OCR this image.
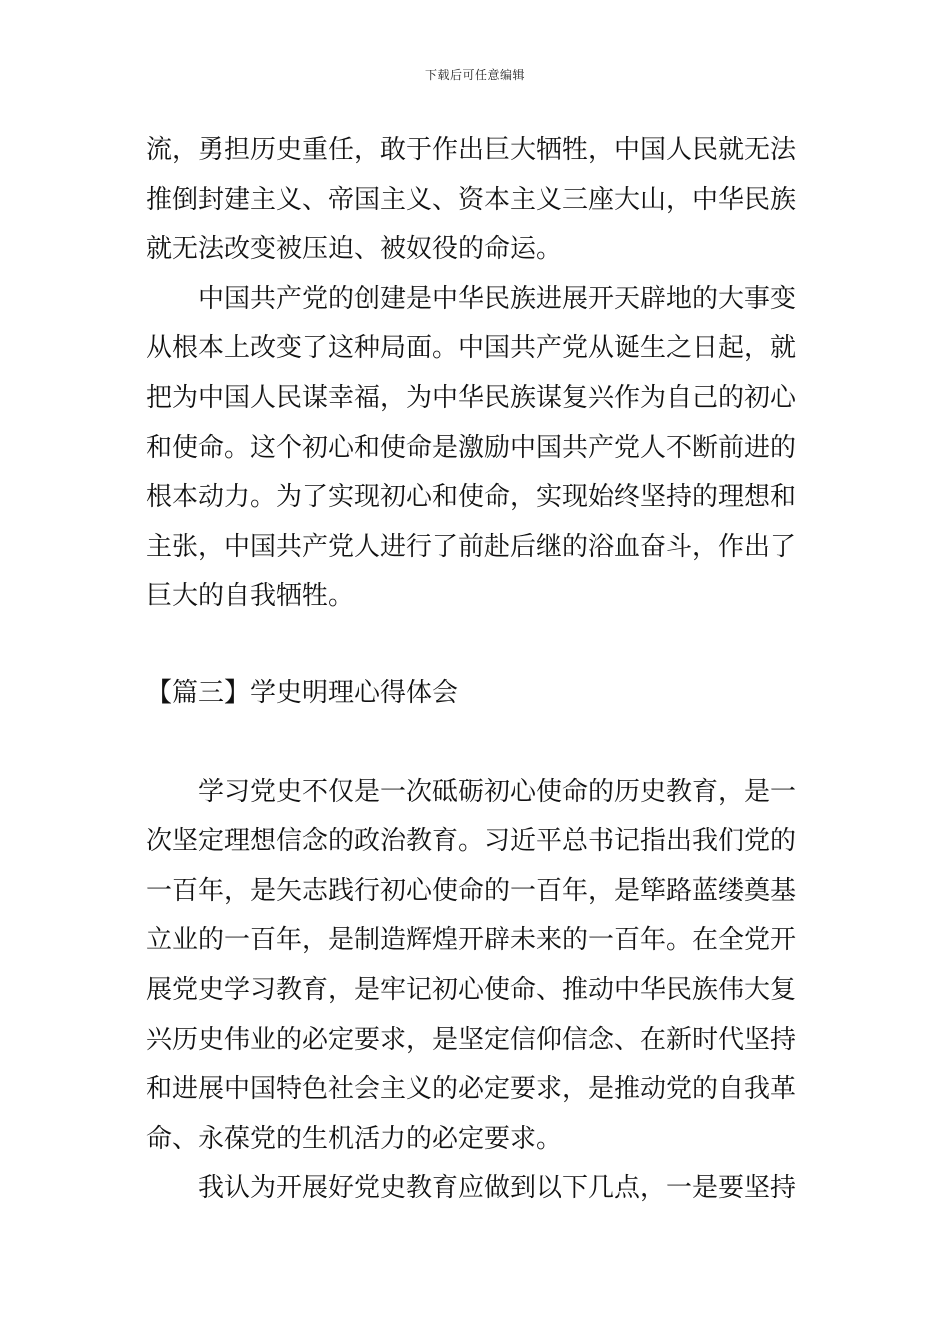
下载后可任意编辑
流，勇担历史重任，敢于作出巨大牺牲，中国人民就无法
推倒封建主义、帝国主义、资本主义三座大山，中华民族
就无法改变被压迫、被奴役的命运。
中国共产党的创建是中华民族进展开天辟地的大事变
从根本上改变了这种局面。中国共产党从诞生之日起，就
把为中国人民谋幸福，为中华民族谋复兴作为自己的初心
和使命。这个初心和使命是激励中国共产党人不断前进的
根本动力。为了实现初心和使命，实现始终坚持的理想和
主张，中国共产党人进行了前赴后继的浴血奋斗，作出了
巨大的自我牺牲。
【篇三】学史明理心得体会
学习党史不仅是一次砥砺初心使命的历史教育，是一
次坚定理想信念的政治教育。习近平总书记指出我们党的
一百年，是矢志践行初心使命的一百年，是筚路蓝缕奠基
立业的一百年，是制造辉煌开辟未来的一百年。在全党开
展党史学习教育，是牢记初心使命、推动中华民族伟大复
兴历史伟业的必定要求，是坚定信仰信念、在新时代坚持
和进展中国特色社会主义的必定要求，是推动党的自我革
命、永葆党的生机活力的必定要求。
我认为开展好党史教育应做到以下几点，一是要坚持
